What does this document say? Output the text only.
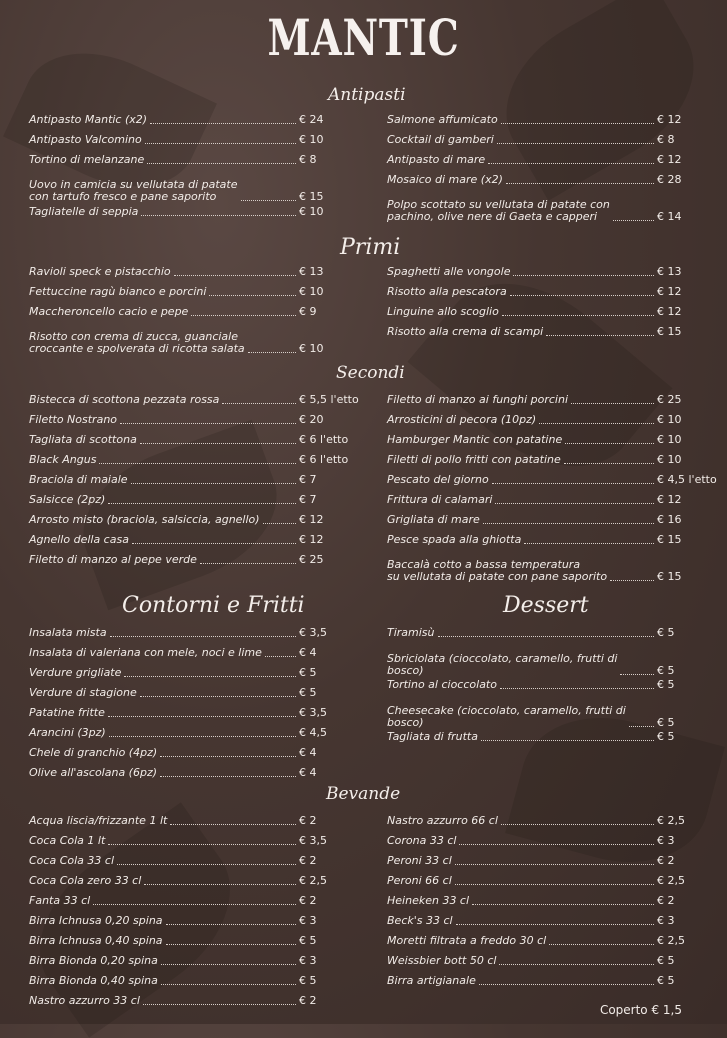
MANTIC
Antipasti
Antipasto Mantic (x2)	€ 24
Antipasto Valcomino	€ 10
Tortino di melanzane	€ 8
Uovo in camicia su vellutata di patate
con tartufo fresco e pane saporito	€ 15
Tagliatelle di seppia	€ 10
Salmone affumicato	€ 12
Cocktail di gamberi	€ 8
Antipasto di mare	€ 12
Mosaico di mare (x2)	€ 28
Polpo scottato su vellutata di patate con
pachino, olive nere di Gaeta e capperi	€ 14
Primi
Ravioli speck e pistacchio	€ 13
Fettuccine ragù bianco e porcini	€ 10
Maccheroncello cacio e pepe	€ 9
Risotto con crema di zucca, guanciale
croccante e spolverata di ricotta salata	€ 10
Spaghetti alle vongole	€ 13
Risotto alla pescatora	€ 12
Linguine allo scoglio	€ 12
Risotto alla crema di scampi	€ 15
Secondi
Bistecca di scottona pezzata rossa	€ 5,5 l'etto
Filetto Nostrano	€ 20
Tagliata di scottona	€ 6 l'etto
Black Angus	€ 6 l'etto
Braciola di maiale	€ 7
Salsicce (2pz)	€ 7
Arrosto misto (braciola, salsiccia, agnello)	€ 12
Agnello della casa	€ 12
Filetto di manzo al pepe verde	€ 25
Filetto di manzo ai funghi porcini	€ 25
Arrosticini di pecora (10pz)	€ 10
Hamburger Mantic con patatine	€ 10
Filetti di pollo fritti con patatine	€ 10
Pescato del giorno	€ 4,5 l'etto
Frittura di calamari	€ 12
Grigliata di mare	€ 16
Pesce spada alla ghiotta	€ 15
Baccalà cotto a bassa temperatura
su vellutata di patate con pane saporito	€ 15
Contorni e Fritti
Insalata mista	€ 3,5
Insalata di valeriana con mele, noci e lime	€ 4
Verdure grigliate	€ 5
Verdure di stagione	€ 5
Patatine fritte	€ 3,5
Arancini (3pz)	€ 4,5
Chele di granchio (4pz)	€ 4
Olive all'ascolana (6pz)	€ 4
Dessert
Tiramisù	€ 5
Sbriciolata (cioccolato, caramello, frutti di
bosco)	€ 5
Tortino al cioccolato	€ 5
Cheesecake (cioccolato, caramello, frutti di
bosco)	€ 5
Tagliata di frutta	€ 5
Bevande
Acqua liscia/frizzante 1 lt	€ 2
Coca Cola 1 lt	€ 3,5
Coca Cola 33 cl	€ 2
Coca Cola zero 33 cl	€ 2,5
Fanta 33 cl	€ 2
Birra Ichnusa 0,20 spina	€ 3
Birra Ichnusa 0,40 spina	€ 5
Birra Bionda 0,20 spina	€ 3
Birra Bionda 0,40 spina	€ 5
Nastro azzurro 33 cl	€ 2
Nastro azzurro 66 cl	€ 2,5
Corona 33 cl	€ 3
Peroni 33 cl	€ 2
Peroni 66 cl	€ 2,5
Heineken 33 cl	€ 2
Beck's 33 cl	€ 3
Moretti filtrata a freddo 30 cl	€ 2,5
Weissbier bott 50 cl	€ 5
Birra artigianale	€ 5
Coperto € 1,5
